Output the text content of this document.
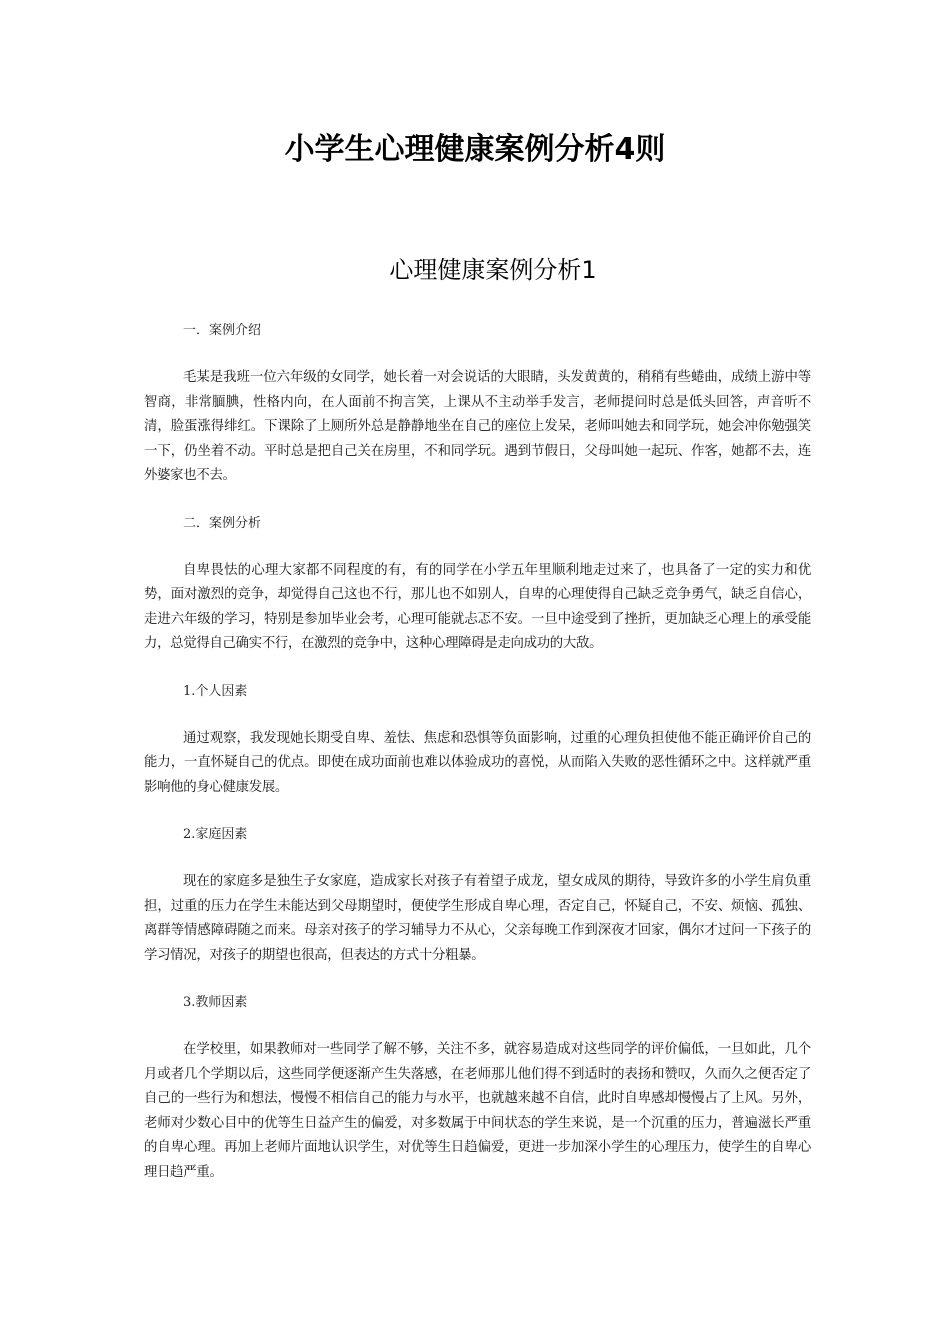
小学生心理健康案例分析4则
心理健康案例分析1

一．案例介绍

毛某是我班一位六年级的女同学，她长着一对会说话的大眼睛，头发黄黄的，稍稍有些蜷曲，成绩上游中等智商，非常腼腆，性格内向，在人面前不拘言笑，上课从不主动举手发言，老师提问时总是低头回答，声音听不清，脸蛋涨得绯红。下课除了上厕所外总是静静地坐在自己的座位上发呆，老师叫她去和同学玩，她会冲你勉强笑一下，仍坐着不动。平时总是把自己关在房里，不和同学玩。遇到节假日，父母叫她一起玩、作客，她都不去，连外婆家也不去。

二．案例分析

自卑畏怯的心理大家都不同程度的有，有的同学在小学五年里顺利地走过来了，也具备了一定的实力和优势，面对激烈的竞争，却觉得自己这也不行，那儿也不如别人，自卑的心理使得自己缺乏竞争勇气，缺乏自信心，走进六年级的学习，特别是参加毕业会考，心理可能就忐忑不安。一旦中途受到了挫折，更加缺乏心理上的承受能力，总觉得自己确实不行，在激烈的竞争中，这种心理障碍是走向成功的大敌。

1.个人因素

通过观察，我发现她长期受自卑、羞怯、焦虑和恐惧等负面影响，过重的心理负担使他不能正确评价自己的能力，一直怀疑自己的优点。即使在成功面前也难以体验成功的喜悦，从而陷入失败的恶性循环之中。这样就严重影响他的身心健康发展。

2.家庭因素

现在的家庭多是独生子女家庭，造成家长对孩子有着望子成龙，望女成凤的期待，导致许多的小学生肩负重担，过重的压力在学生未能达到父母期望时，便使学生形成自卑心理，否定自己，怀疑自己，不安、烦恼、孤独、离群等情感障碍随之而来。母亲对孩子的学习辅导力不从心，父亲每晚工作到深夜才回家，偶尔才过问一下孩子的学习情况，对孩子的期望也很高，但表达的方式十分粗暴。

3.教师因素

在学校里，如果教师对一些同学了解不够，关注不多，就容易造成对这些同学的评价偏低，一旦如此，几个月或者几个学期以后，这些同学便逐渐产生失落感，在老师那儿他们得不到适时的表扬和赞叹，久而久之便否定了自己的一些行为和想法，慢慢不相信自己的能力与水平，也就越来越不自信，此时自卑感却慢慢占了上风。另外，老师对少数心目中的优等生日益产生的偏爱，对多数属于中间状态的学生来说，是一个沉重的压力，普遍滋长严重的自卑心理。再加上老师片面地认识学生，对优等生日趋偏爱，更进一步加深小学生的心理压力，使学生的自卑心理日趋严重。
